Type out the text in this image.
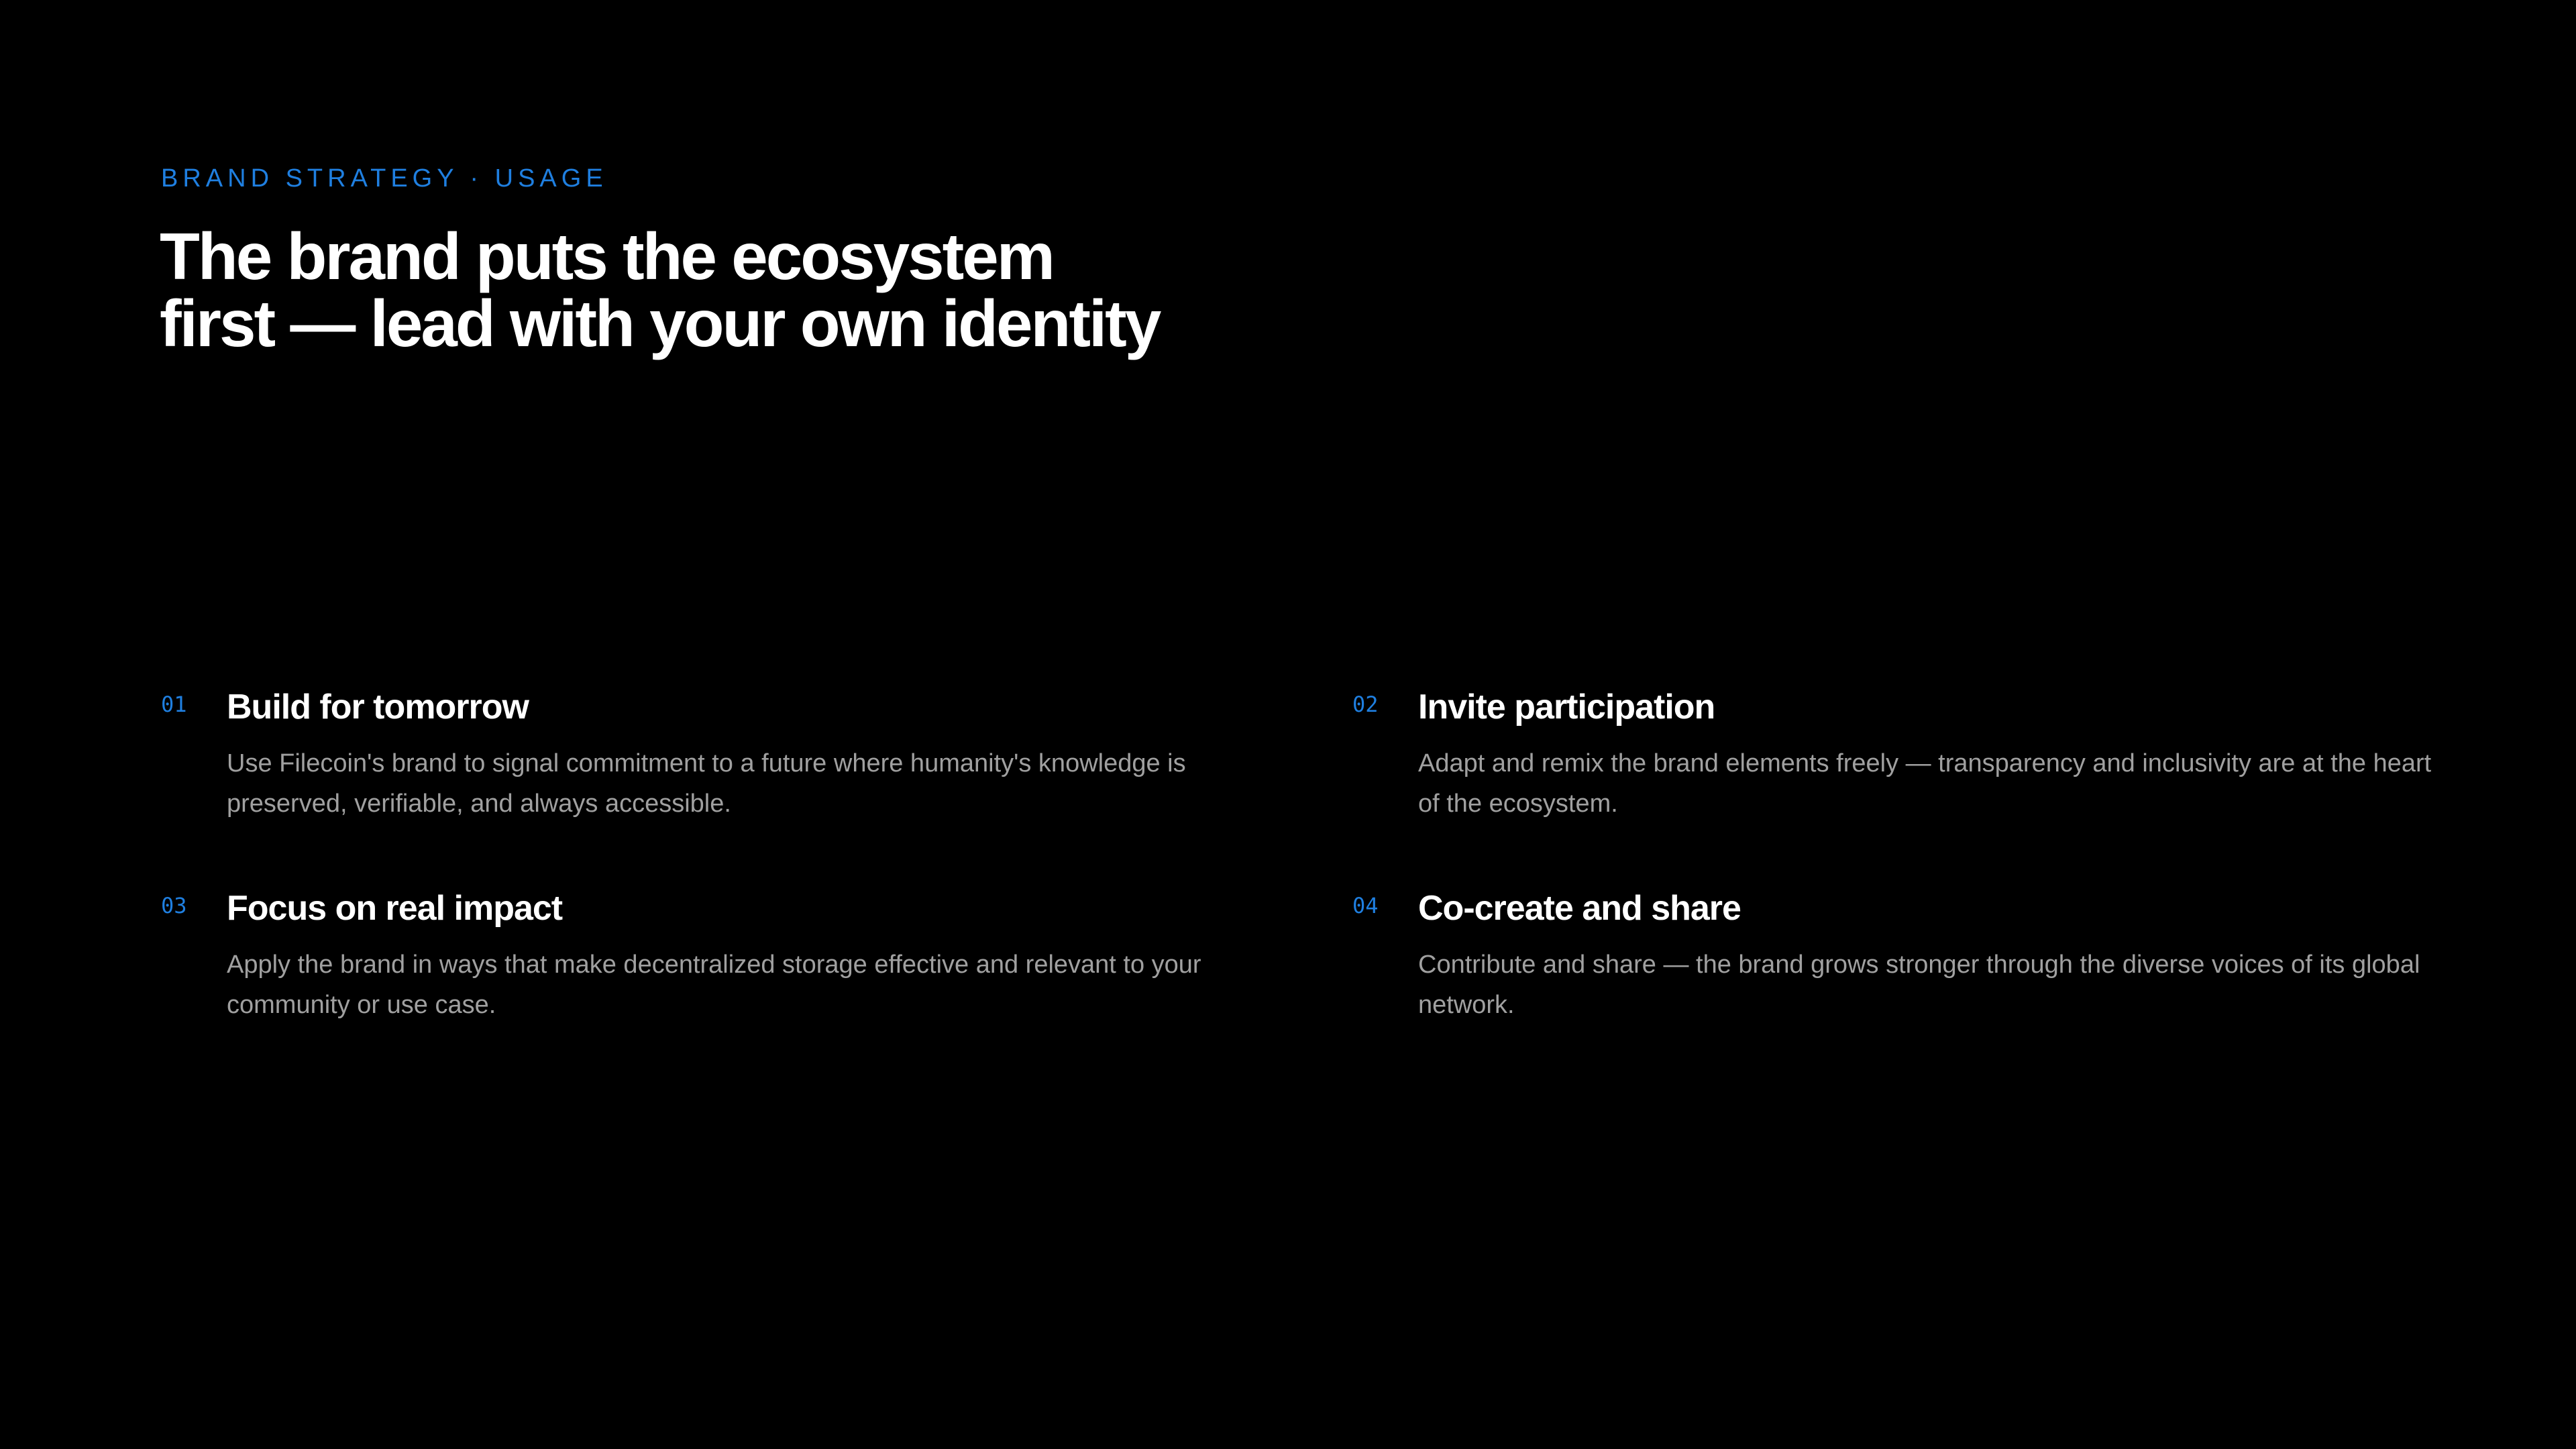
BRAND STRATEGY · USAGE
The brand puts the ecosystem
first — lead with your own identity
01 Build for tomorrow
Use Filecoin's brand to signal commitment to a future where humanity's knowledge is preserved, verifiable, and always accessible.
02 Invite participation
Adapt and remix the brand elements freely — transparency and inclusivity are at the heart of the ecosystem.
03 Focus on real impact
Apply the brand in ways that make decentralized storage effective and relevant to your community or use case.
04 Co-create and share
Contribute and share — the brand grows stronger through the diverse voices of its global network.
